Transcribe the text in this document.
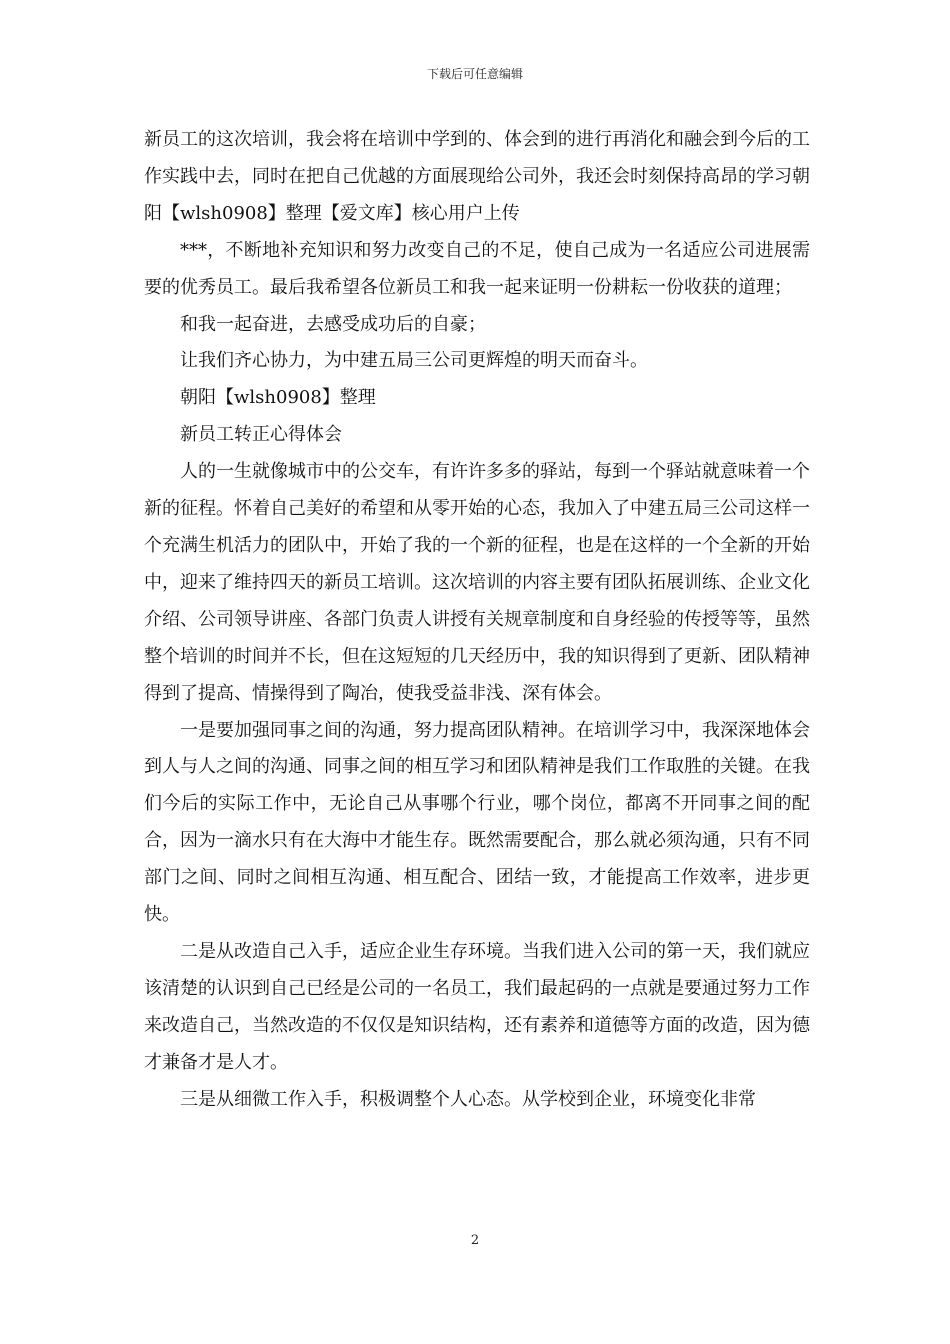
下载后可任意编辑

新员工的这次培训，我会将在培训中学到的、体会到的进行再消化和融会到今后的工作实践中去，同时在把自己优越的方面展现给公司外，我还会时刻保持高昂的学习朝阳【wlsh0908】整理【爱文库】核心用户上传

***，不断地补充知识和努力改变自己的不足，使自己成为一名适应公司进展需要的优秀员工。最后我希望各位新员工和我一起来证明一份耕耘一份收获的道理；

和我一起奋进，去感受成功后的自豪；

让我们齐心协力，为中建五局三公司更辉煌的明天而奋斗。

朝阳【wlsh0908】整理

新员工转正心得体会

人的一生就像城市中的公交车，有许许多多的驿站，每到一个驿站就意味着一个新的征程。怀着自己美好的希望和从零开始的心态，我加入了中建五局三公司这样一个充满生机活力的团队中，开始了我的一个新的征程，也是在这样的一个全新的开始中，迎来了维持四天的新员工培训。这次培训的内容主要有团队拓展训练、企业文化介绍、公司领导讲座、各部门负责人讲授有关规章制度和自身经验的传授等等，虽然整个培训的时间并不长，但在这短短的几天经历中，我的知识得到了更新、团队精神得到了提高、情操得到了陶冶，使我受益非浅、深有体会。

一是要加强同事之间的沟通，努力提高团队精神。在培训学习中，我深深地体会到人与人之间的沟通、同事之间的相互学习和团队精神是我们工作取胜的关键。在我们今后的实际工作中，无论自己从事哪个行业，哪个岗位，都离不开同事之间的配合，因为一滴水只有在大海中才能生存。既然需要配合，那么就必须沟通，只有不同部门之间、同时之间相互沟通、相互配合、团结一致，才能提高工作效率，进步更快。

二是从改造自己入手，适应企业生存环境。当我们进入公司的第一天，我们就应该清楚的认识到自己已经是公司的一名员工，我们最起码的一点就是要通过努力工作来改造自己，当然改造的不仅仅是知识结构，还有素养和道德等方面的改造，因为德才兼备才是人才。

三是从细微工作入手，积极调整个人心态。从学校到企业，环境变化非常

2
